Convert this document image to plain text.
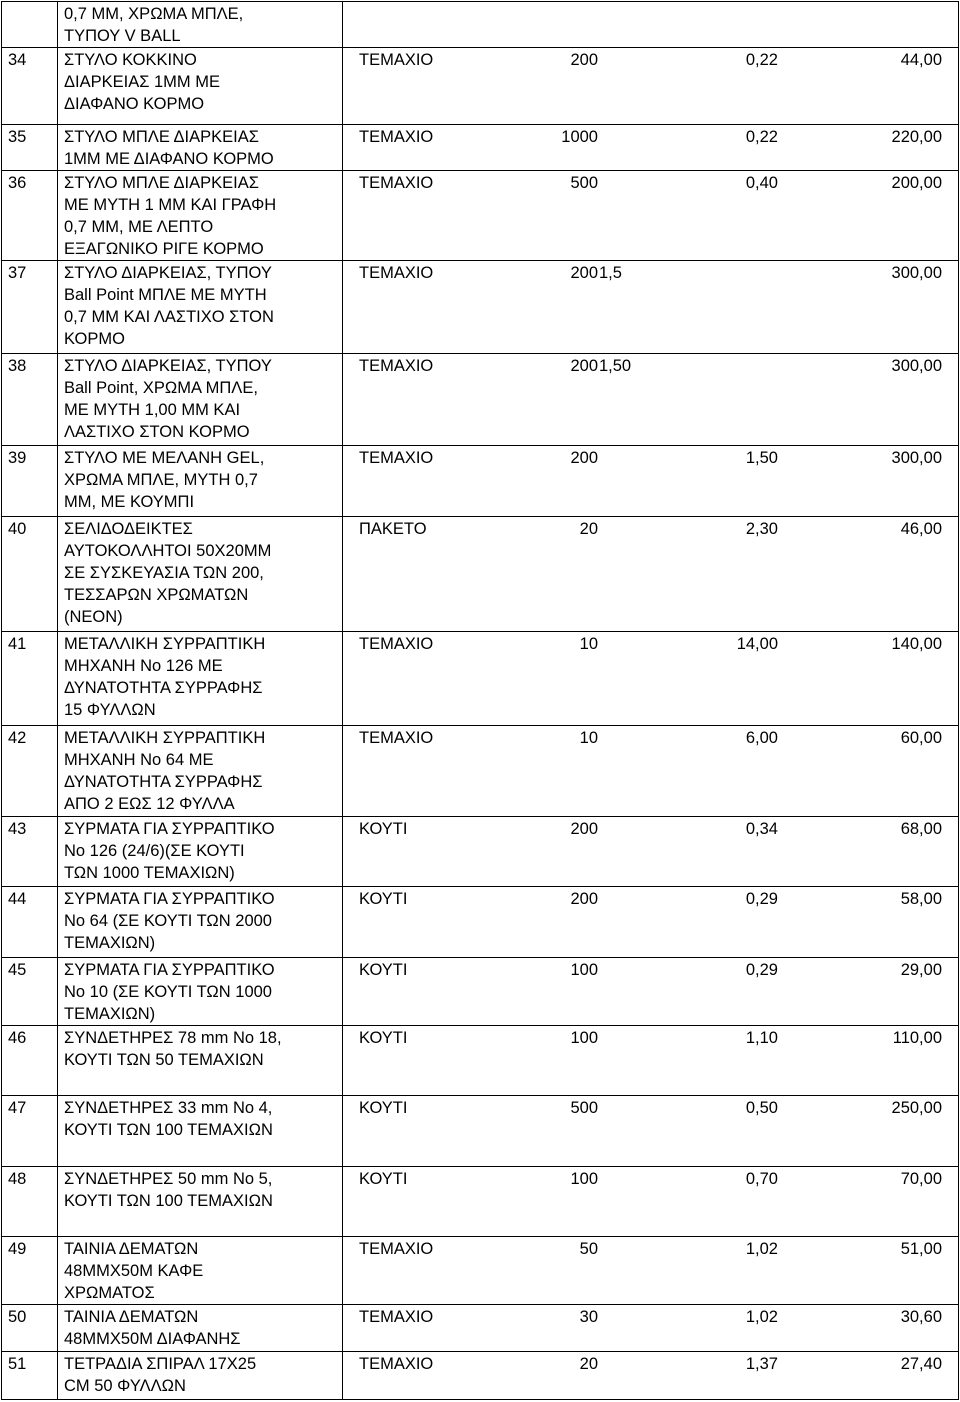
	0,7 ΜΜ, ΧΡΩΜΑ ΜΠΛΕ,
ΤΥΠΟΥ V BALL	

34	ΣΤΥΛΟ ΚΟΚΚΙΝΟ
ΔΙΑΡΚΕΙΑΣ 1ΜΜ ΜΕ
ΔΙΑΦΑΝΟ ΚΟΡΜΟ	ΤΕΜΑΧΙΟ 200 0,22 44,00

35	ΣΤΥΛΟ ΜΠΛΕ ΔΙΑΡΚΕΙΑΣ
1ΜΜ ΜΕ ΔΙΑΦΑΝΟ ΚΟΡΜΟ	ΤΕΜΑΧΙΟ 1000 0,22 220,00

36	ΣΤΥΛΟ ΜΠΛΕ ΔΙΑΡΚΕΙΑΣ
ΜΕ ΜΥΤΗ 1 ΜΜ ΚΑΙ ΓΡΑΦΗ
0,7 ΜΜ, ΜΕ ΛΕΠΤΟ
ΕΞΑΓΩΝΙΚΟ ΡΙΓΕ ΚΟΡΜΟ	ΤΕΜΑΧΙΟ 500 0,40 200,00

37	ΣΤΥΛΟ ΔΙΑΡΚΕΙΑΣ, ΤΥΠΟΥ
Ball Point ΜΠΛΕ ΜΕ ΜΥΤΗ
0,7 ΜΜ ΚΑΙ ΛΑΣΤΙΧΟ ΣΤΟΝ
ΚΟΡΜΟ	ΤΕΜΑΧΙΟ 200 1,5 300,00

38	ΣΤΥΛΟ ΔΙΑΡΚΕΙΑΣ, ΤΥΠΟΥ
Ball Point, ΧΡΩΜΑ ΜΠΛΕ,
ΜΕ ΜΥΤΗ 1,00 ΜΜ ΚΑΙ
ΛΑΣΤΙΧΟ ΣΤΟΝ ΚΟΡΜΟ	ΤΕΜΑΧΙΟ 200 1,50 300,00

39	ΣΤΥΛΟ ΜΕ ΜΕΛΑΝΗ GEL,
ΧΡΩΜΑ ΜΠΛΕ, ΜΥΤΗ 0,7
ΜΜ, ΜΕ ΚΟΥΜΠΙ	ΤΕΜΑΧΙΟ 200 1,50 300,00

40	ΣΕΛΙΔΟΔΕΙΚΤΕΣ
ΑΥΤΟΚΟΛΛΗΤΟΙ 50Χ20ΜΜ
ΣΕ ΣΥΣΚΕΥΑΣΙΑ ΤΩΝ 200,
ΤΕΣΣΑΡΩΝ ΧΡΩΜΑΤΩΝ
(ΝΕΟΝ)	ΠΑΚΕΤΟ 20 2,30 46,00

41	ΜΕΤΑΛΛΙΚΗ ΣΥΡΡΑΠΤΙΚΗ
ΜΗΧΑΝΗ Νο 126 ΜΕ
ΔΥΝΑΤΟΤΗΤΑ ΣΥΡΡΑΦΗΣ
15 ΦΥΛΛΩΝ	ΤΕΜΑΧΙΟ 10 14,00 140,00

42	ΜΕΤΑΛΛΙΚΗ ΣΥΡΡΑΠΤΙΚΗ
ΜΗΧΑΝΗ Νο 64 ΜΕ
ΔΥΝΑΤΟΤΗΤΑ ΣΥΡΡΑΦΗΣ
ΑΠΟ 2 ΕΩΣ 12 ΦΥΛΛΑ	ΤΕΜΑΧΙΟ 10 6,00 60,00

43	ΣΥΡΜΑΤΑ ΓΙΑ ΣΥΡΡΑΠΤΙΚΟ
Νο 126 (24/6)(ΣΕ ΚΟΥΤΙ
ΤΩΝ 1000 ΤΕΜΑΧΙΩΝ)	ΚΟΥΤΙ 200 0,34 68,00

44	ΣΥΡΜΑΤΑ ΓΙΑ ΣΥΡΡΑΠΤΙΚΟ
Νο 64 (ΣΕ ΚΟΥΤΙ ΤΩΝ 2000
ΤΕΜΑΧΙΩΝ)	ΚΟΥΤΙ 200 0,29 58,00

45	ΣΥΡΜΑΤΑ ΓΙΑ ΣΥΡΡΑΠΤΙΚΟ
Νο 10 (ΣΕ ΚΟΥΤΙ ΤΩΝ 1000
ΤΕΜΑΧΙΩΝ)	ΚΟΥΤΙ 100 0,29 29,00

46	ΣΥΝΔΕΤΗΡΕΣ 78 mm Νο 18,
ΚΟΥΤΙ ΤΩΝ 50 ΤΕΜΑΧΙΩΝ	ΚΟΥΤΙ 100 1,10 110,00

47	ΣΥΝΔΕΤΗΡΕΣ 33 mm Νο 4,
ΚΟΥΤΙ ΤΩΝ 100 ΤΕΜΑΧΙΩΝ	ΚΟΥΤΙ 500 0,50 250,00

48	ΣΥΝΔΕΤΗΡΕΣ 50 mm Νο 5,
ΚΟΥΤΙ ΤΩΝ 100 ΤΕΜΑΧΙΩΝ	ΚΟΥΤΙ 100 0,70 70,00

49	ΤΑΙΝΙΑ ΔΕΜΑΤΩΝ
48ΜΜΧ50Μ ΚΑΦΕ
ΧΡΩΜΑΤΟΣ	ΤΕΜΑΧΙΟ 50 1,02 51,00

50	ΤΑΙΝΙΑ ΔΕΜΑΤΩΝ
48ΜΜΧ50Μ ΔΙΑΦΑΝΗΣ	ΤΕΜΑΧΙΟ 30 1,02 30,60

51	ΤΕΤΡΑΔΙΑ ΣΠΙΡΑΛ 17Χ25
CM 50 ΦΥΛΛΩΝ	ΤΕΜΑΧΙΟ 20 1,37 27,40
